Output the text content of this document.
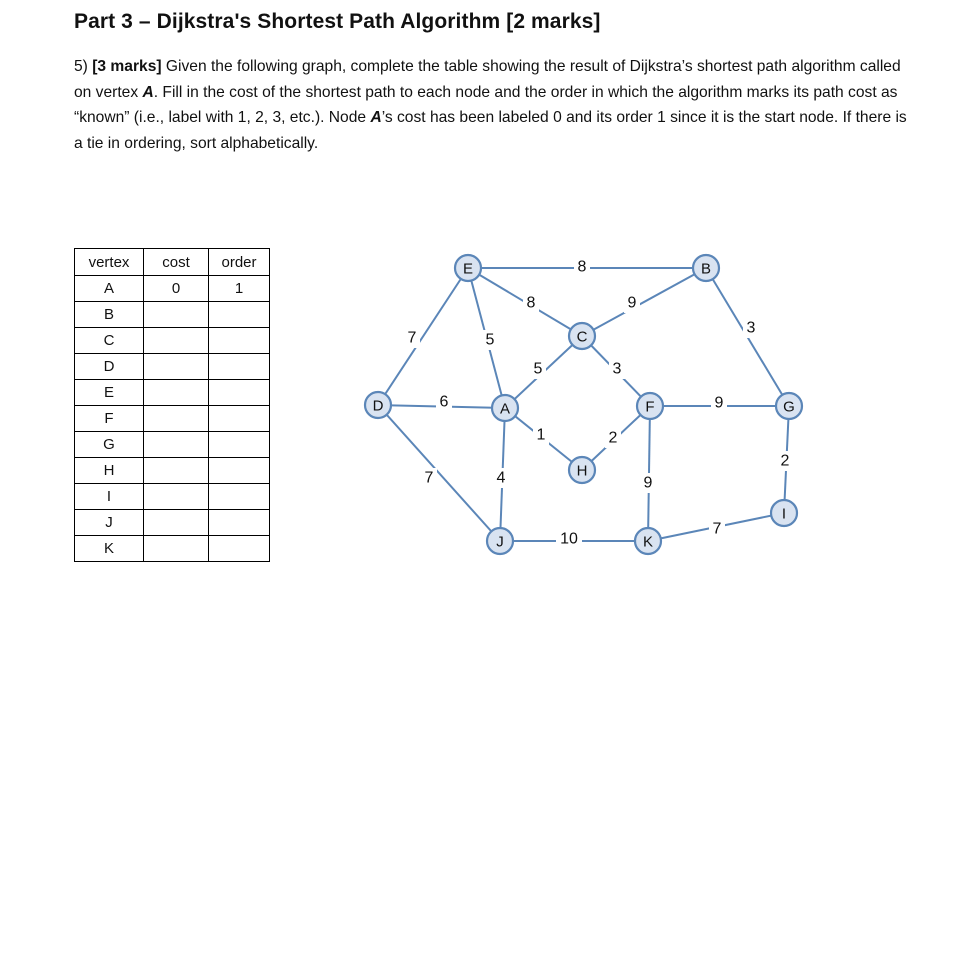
Part 3 – Dijkstra's Shortest Path Algorithm [2 marks]

5) [3 marks] Given the following graph, complete the table showing the result of Dijkstra’s shortest path algorithm called on vertex A. Fill in the cost of the shortest path to each node and the order in which the algorithm marks its path cost as “known” (i.e., label with 1, 2, 3, etc.). Node A’s cost has been labeled 0 and its order 1 since it is the start node. If there is a tie in ordering, sort alphabetically.

vertex	cost	order
A	0	1
B		
C		
D		
E		
F		
G		
H		
I		
J		
K		
8
8	9
7	5
3
5	3
6	9
1	2
7	4	9
2
10
7
E	B
C
D	A	F	G
H
J	K
I
